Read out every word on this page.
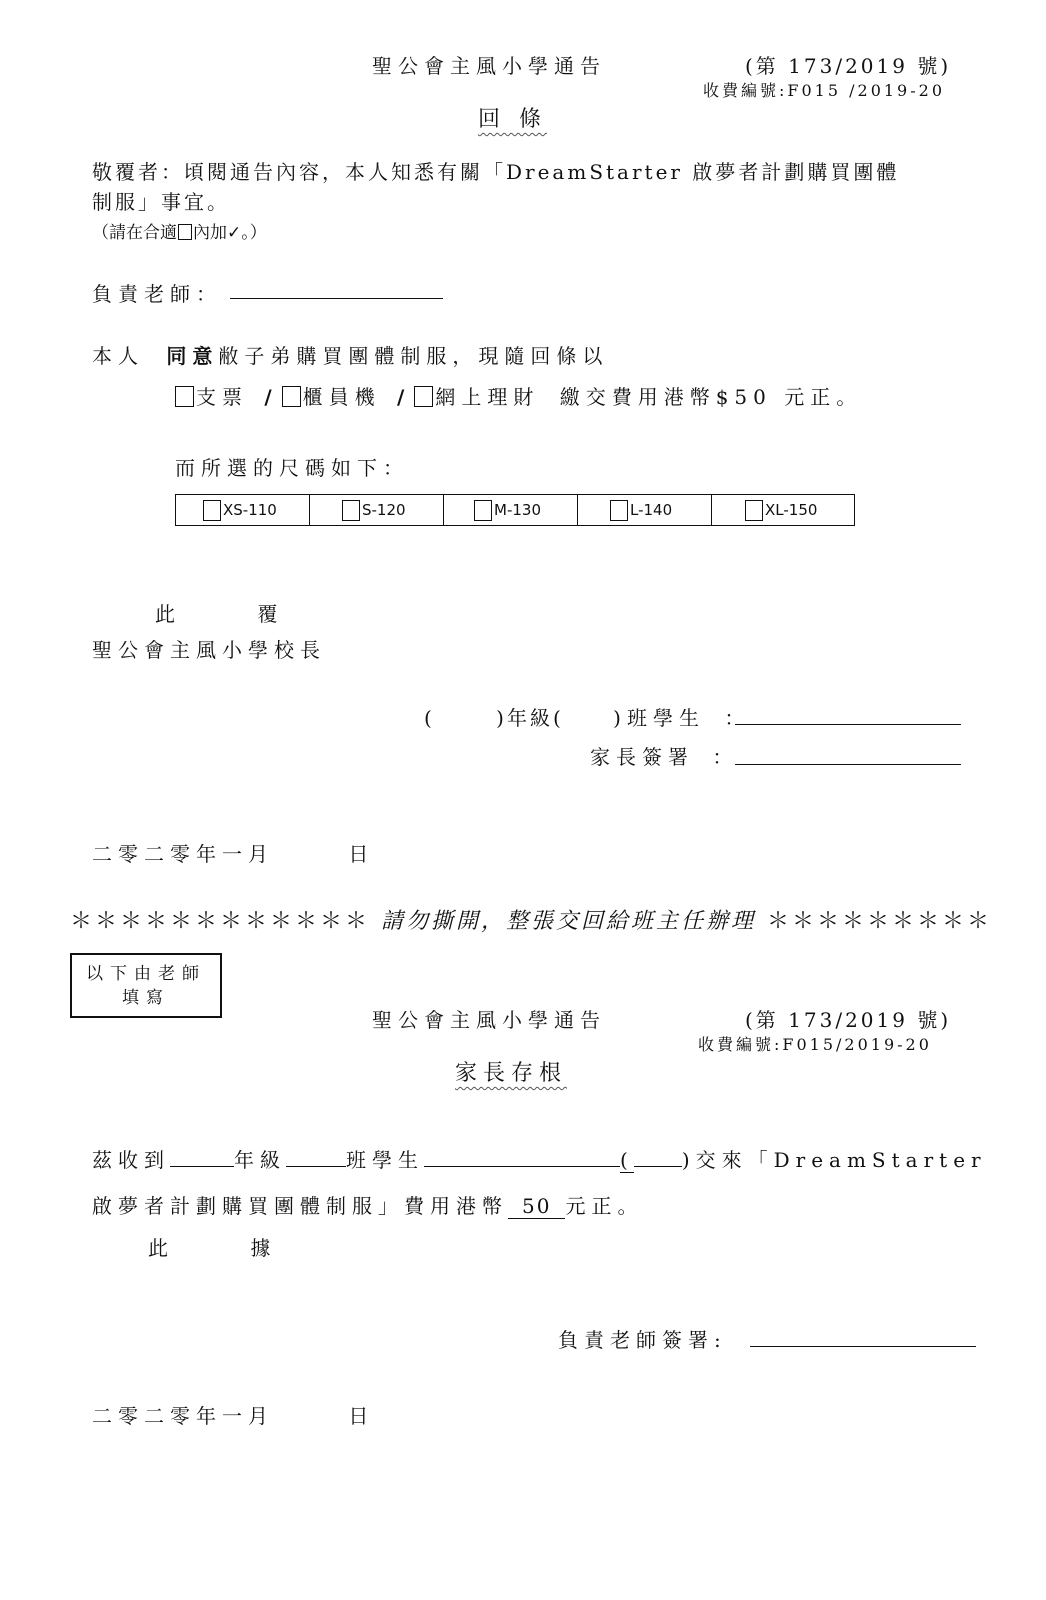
聖公會主風小學通告	(第 173/2019 號)
收費編號:F015 /2019-20
回 條
敬覆者：頃閱通告內容，本人知悉有關「DreamStarter 啟夢者計劃購買團體
制服」事宜。
（請在合適 內加✓。）
負責老師：
本人 同意敝子弟購買團體制服，現隨回條以
支票 / 櫃員機 / 網上理財 繳交費用港幣$50 元正。
而所選的尺碼如下：
XS-110	S-120	M-130	L-140	XL-150
此 覆
聖公會主風小學校長
(	)年級( )班學生 ：
家長簽署 ：
二零二零年一月	日
＊＊＊＊＊＊＊＊＊＊＊＊ 請勿撕開，整張交回給班主任辦理 ＊＊＊＊＊＊＊＊＊
以下由老師
填寫
聖公會主風小學通告	(第 173/2019 號)
收費編號:F015/2019-20
家長存根
茲收到	年級	班學生	( )交來「DreamStarter
啟夢者計劃購買團體制服」費用港幣 50 元正。
此 據
負責老師簽署:
二零二零年一月	日
